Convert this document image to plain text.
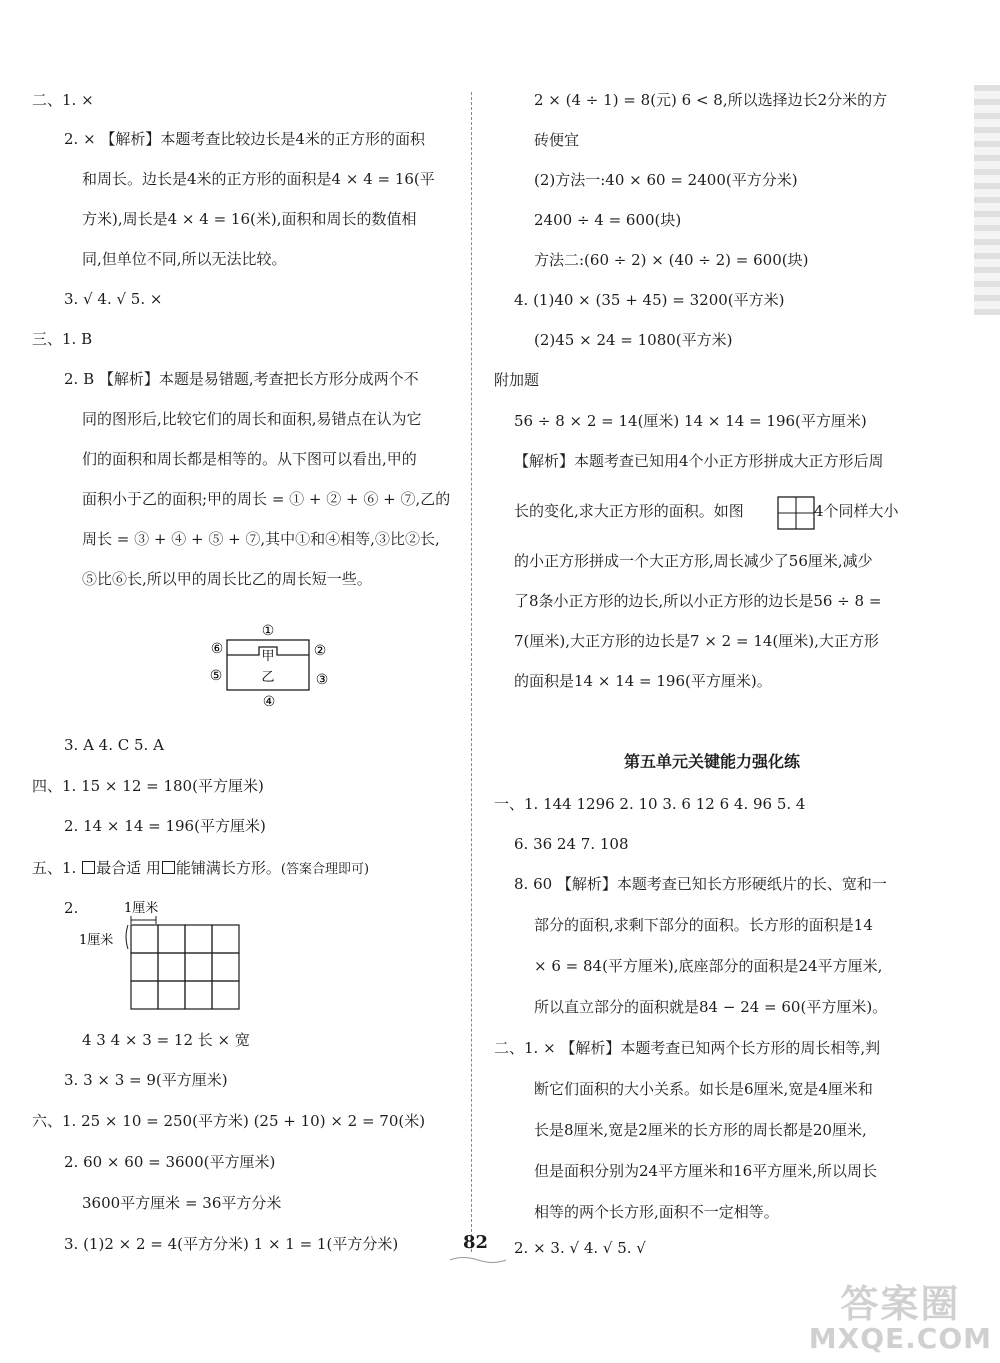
二、1. ×
2. × 【解析】本题考查比较边长是4米的正方形的面积
和周长。边长是4米的正方形的面积是4 × 4 = 16(平
方米),周长是4 × 4 = 16(米),面积和周长的数值相
同,但单位不同,所以无法比较。
3. √ 4. √ 5. ×
三、1. B
2. B 【解析】本题是易错题,考查把长方形分成两个不
同的图形后,比较它们的周长和面积,易错点在认为它
们的面积和周长都是相等的。从下图可以看出,甲的
面积小于乙的面积;甲的周长 = ① + ② + ⑥ + ⑦,乙的
周长 = ③ + ④ + ⑤ + ⑦,其中①和④相等,③比②长,
⑤比⑥长,所以甲的周长比乙的周长短一些。
3. A 4. C 5. A
四、1. 15 × 12 = 180(平方厘米)
2. 14 × 14 = 196(平方厘米)
2.
4 3 4 × 3 = 12 长 × 宽
3. 3 × 3 = 9(平方厘米)
六、1. 25 × 10 = 250(平方米) (25 + 10) × 2 = 70(米)
2. 60 × 60 = 3600(平方厘米)
3600平方厘米 = 36平方分米
3. (1)2 × 2 = 4(平方分米) 1 × 1 = 1(平方分米)
2 × (4 ÷ 1) = 8(元) 6 < 8,所以选择边长2分米的方
砖便宜
(2)方法一:40 × 60 = 2400(平方分米)
2400 ÷ 4 = 600(块)
方法二:(60 ÷ 2) × (40 ÷ 2) = 600(块)
4. (1)40 × (35 + 45) = 3200(平方米)
(2)45 × 24 = 1080(平方米)
附加题
56 ÷ 8 × 2 = 14(厘米) 14 × 14 = 196(平方厘米)
【解析】本题考查已知用4个小正方形拼成大正方形后周
长的变化,求大正方形的面积。如图	4个同样大小
的小正方形拼成一个大正方形,周长减少了56厘米,减少
了8条小正方形的边长,所以小正方形的边长是56 ÷ 8 =
7(厘米),大正方形的边长是7 × 2 = 14(厘米),大正方形
的面积是14 × 14 = 196(平方厘米)。
一、1. 144 1296 2. 10 3. 6 12 6 4. 96 5. 4
6. 36 24 7. 108
8. 60 【解析】本题考查已知长方形硬纸片的长、宽和一
部分的面积,求剩下部分的面积。长方形的面积是14
× 6 = 84(平方厘米),底座部分的面积是24平方厘米,
所以直立部分的面积就是84 − 24 = 60(平方厘米)。
二、1. × 【解析】本题考查已知两个长方形的周长相等,判
断它们面积的大小关系。如长是6厘米,宽是4厘米和
长是8厘米,宽是2厘米的长方形的周长都是20厘米,
但是面积分别为24平方厘米和16平方厘米,所以周长
相等的两个长方形,面积不一定相等。
2. × 3. √ 4. √ 5. √
五、1. 最合适 用 能铺满长方形。(答案合理即可)
①
②
③
④
⑤
⑥	甲
乙
1厘米
1厘米
第五单元关键能力强化练
82
答案圈
MXQE.COM
